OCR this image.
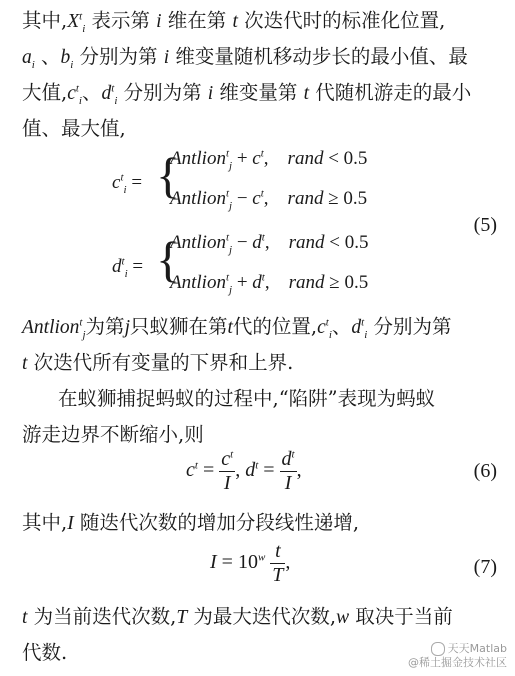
其中$,X^t_i$ 表示第 i 维在第 t 次迭代时的标准化位置,
$a_i$ 、$b_i$ 分别为第 i 维变量随机移动步长的最小值、最
大值$,c^t_i$、$d^t_i$ 分别为第 i 维变量第 t 代随机游走的最小
值、最大值,
$c^t_i$ = {
Antlion$^t_j$ + $c^t$,    rand < 0.5
Antlion$^t_j$ − $c^t$,    rand ≥ 0.5
(5)
$d^t_i$ = {
Antlion$^t_j$ − $d^t$,    rand < 0.5
Antlion$^t_j$ + $d^t$,    rand ≥ 0.5
Antlion$^t_j$为第j只蚁狮在第t代的位置$,c^t_i$、$d^t_i$ 分别为第
t 次迭代所有变量的下界和上界.
在蚁狮捕捉蚂蚁的过程中,“陷阱”表现为蚂蚁
游走边界不断缩小,则
$c^t = \frac{c^t}{I}$ , $d^t = \frac{d^t}{I}$ ,	(6)
其中,I 随迭代次数的增加分段线性递增,
$I = 10^w \frac{t}{T}$ ,	(7)
t 为当前迭代次数,T 为最大迭代次数,w 取决于当前
代数.	天天Matlab
@稀土掘金技术社区
